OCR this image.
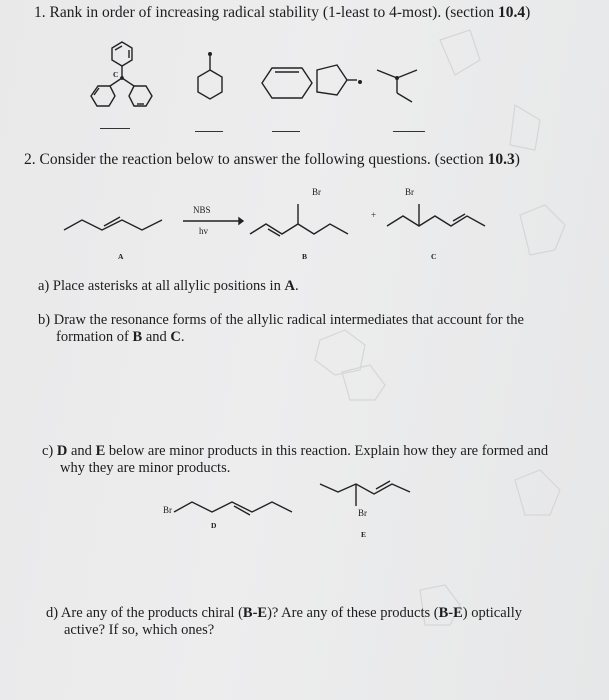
1. Rank in order of increasing radical stability (1-least to 4-most). (section 10.4)
C
2. Consider the reaction below to answer the following questions. (section 10.3)
A
NBS
hv
Br
B
+
Br
C
a) Place asterisks at all allylic positions in A.
b) Draw the resonance forms of the allylic radical intermediates that account for the
formation of B and C.
c) D and E below are minor products in this reaction. Explain how they are formed and
why they are minor products.
Br
D
Br
E
d) Are any of the products chiral (B-E)? Are any of these products (B-E) optically
active? If so, which ones?
